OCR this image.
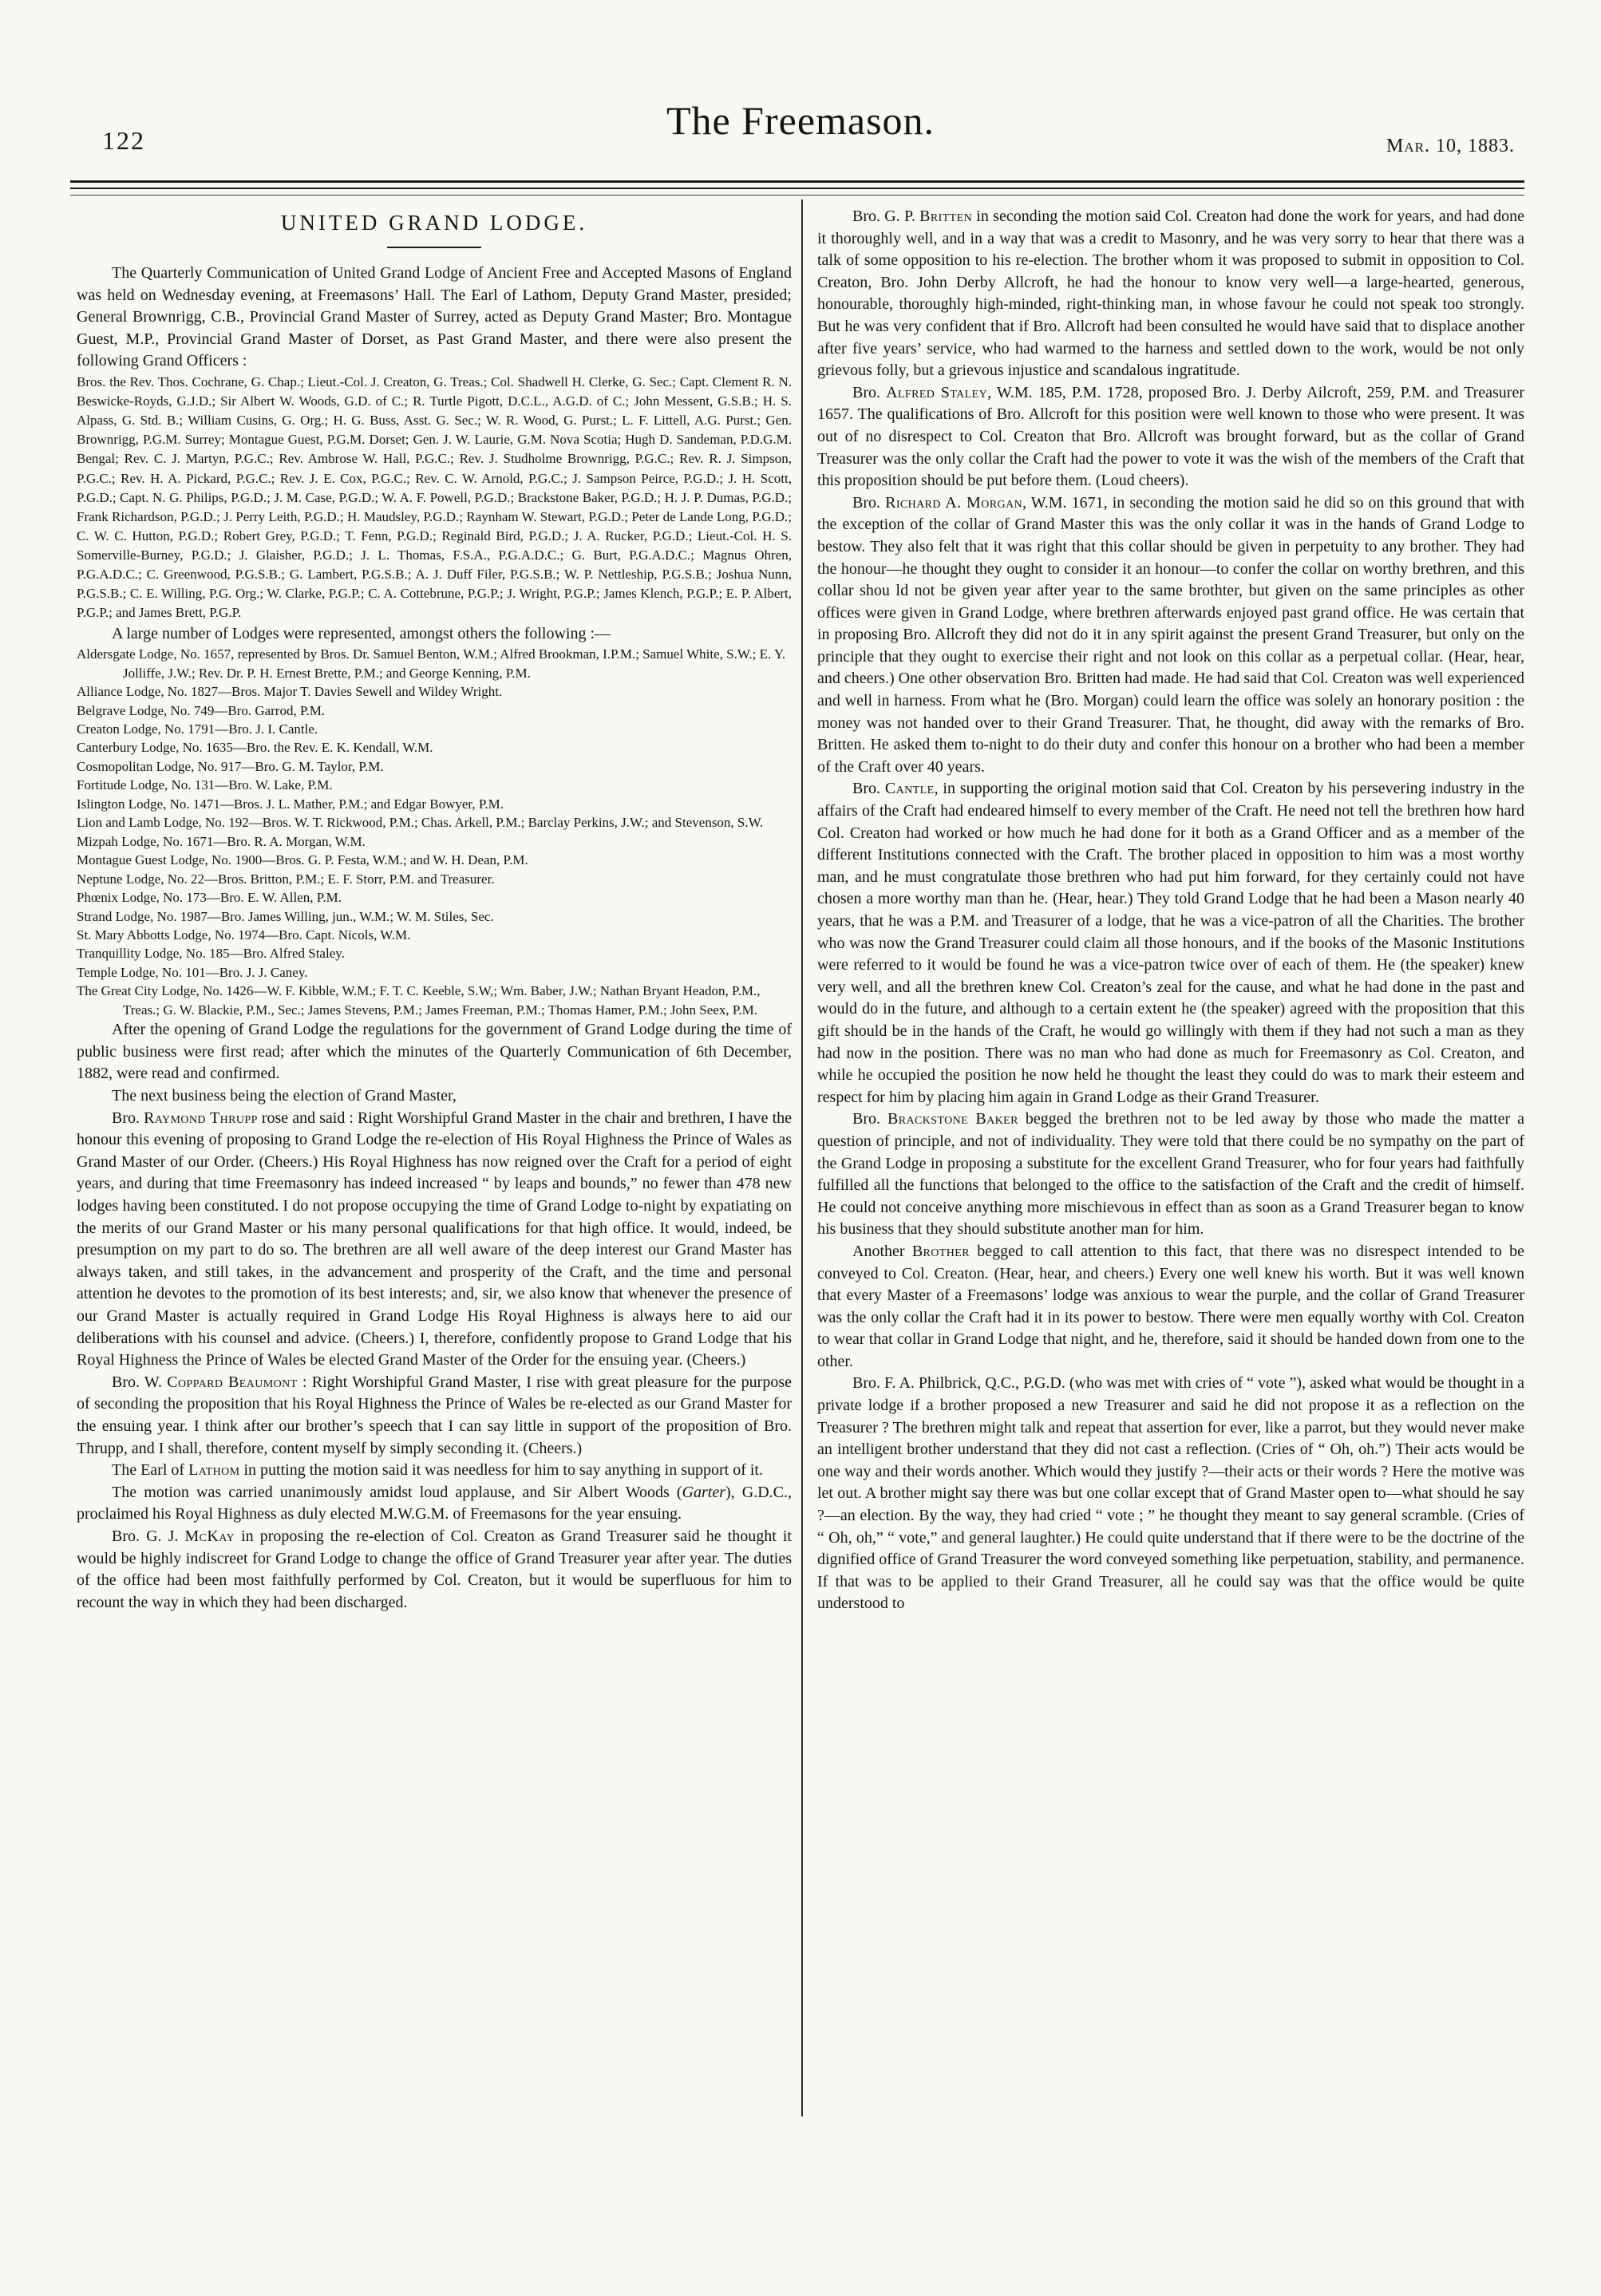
122	The Freemason.
Mar. 10, 1883.
UNITED GRAND LODGE.

The Quarterly Communication of United Grand Lodge of Ancient Free and Accepted Masons of England was held on Wednesday evening, at Freemasons’ Hall. The Earl of Lathom, Deputy Grand Master, presided; General Brownrigg, C.B., Provincial Grand Master of Surrey, acted as Deputy Grand Master; Bro. Montague Guest, M.P., Provincial Grand Master of Dorset, as Past Grand Master, and there were also present the following Grand Officers :

Bros. the Rev. Thos. Cochrane, G. Chap.; Lieut.-Col. J. Creaton, G. Treas.; Col. Shadwell H. Clerke, G. Sec.; Capt. Clement R. N. Beswicke-Royds, G.J.D.; Sir Albert W. Woods, G.D. of C.; R. Turtle Pigott, D.C.L., A.G.D. of C.; John Messent, G.S.B.; H. S. Alpass, G. Std. B.; William Cusins, G. Org.; H. G. Buss, Asst. G. Sec.; W. R. Wood, G. Purst.; L. F. Littell, A.G. Purst.; Gen. Brownrigg, P.G.M. Surrey; Montague Guest, P.G.M. Dorset; Gen. J. W. Laurie, G.M. Nova Scotia; Hugh D. Sandeman, P.D.G.M. Bengal; Rev. C. J. Martyn, P.G.C.; Rev. Ambrose W. Hall, P.G.C.; Rev. J. Studholme Brownrigg, P.G.C.; Rev. R. J. Simpson, P.G.C.; Rev. H. A. Pickard, P.G.C.; Rev. J. E. Cox, P.G.C.; Rev. C. W. Arnold, P.G.C.; J. Sampson Peirce, P.G.D.; J. H. Scott, P.G.D.; Capt. N. G. Philips, P.G.D.; J. M. Case, P.G.D.; W. A. F. Powell, P.G.D.; Brackstone Baker, P.G.D.; H. J. P. Dumas, P.G.D.; Frank Richardson, P.G.D.; J. Perry Leith, P.G.D.; H. Maudsley, P.G.D.; Raynham W. Stewart, P.G.D.; Peter de Lande Long, P.G.D.; C. W. C. Hutton, P.G.D.; Robert Grey, P.G.D.; T. Fenn, P.G.D.; Reginald Bird, P.G.D.; J. A. Rucker, P.G.D.; Lieut.-Col. H. S. Somerville-Burney, P.G.D.; J. Glaisher, P.G.D.; J. L. Thomas, F.S.A., P.G.A.D.C.; G. Burt, P.G.A.D.C.; Magnus Ohren, P.G.A.D.C.; C. Greenwood, P.G.S.B.; G. Lambert, P.G.S.B.; A. J. Duff Filer, P.G.S.B.; W. P. Nettleship, P.G.S.B.; Joshua Nunn, P.G.S.B.; C. E. Willing, P.G. Org.; W. Clarke, P.G.P.; C. A. Cottebrune, P.G.P.; J. Wright, P.G.P.; James Klench, P.G.P.; E. P. Albert, P.G.P.; and James Brett, P.G.P.

A large number of Lodges were represented, amongst others the following :—

Aldersgate Lodge, No. 1657, represented by Bros. Dr. Samuel Benton, W.M.; Alfred Brookman, I.P.M.; Samuel White, S.W.; E. Y. Jolliffe, J.W.; Rev. Dr. P. H. Ernest Brette, P.M.; and George Kenning, P.M.

Alliance Lodge, No. 1827—Bros. Major T. Davies Sewell and Wildey Wright.

Belgrave Lodge, No. 749—Bro. Garrod, P.M.

Creaton Lodge, No. 1791—Bro. J. I. Cantle.

Canterbury Lodge, No. 1635—Bro. the Rev. E. K. Kendall, W.M.

Cosmopolitan Lodge, No. 917—Bro. G. M. Taylor, P.M.

Fortitude Lodge, No. 131—Bro. W. Lake, P.M.

Islington Lodge, No. 1471—Bros. J. L. Mather, P.M.; and Edgar Bowyer, P.M.

Lion and Lamb Lodge, No. 192—Bros. W. T. Rickwood, P.M.; Chas. Arkell, P.M.; Barclay Perkins, J.W.; and Stevenson, S.W.

Mizpah Lodge, No. 1671—Bro. R. A. Morgan, W.M.

Montague Guest Lodge, No. 1900—Bros. G. P. Festa, W.M.; and W. H. Dean, P.M.

Neptune Lodge, No. 22—Bros. Britton, P.M.; E. F. Storr, P.M. and Treasurer.

Phœnix Lodge, No. 173—Bro. E. W. Allen, P.M.

Strand Lodge, No. 1987—Bro. James Willing, jun., W.M.; W. M. Stiles, Sec.

St. Mary Abbotts Lodge, No. 1974—Bro. Capt. Nicols, W.M.

Tranquillity Lodge, No. 185—Bro. Alfred Staley.

Temple Lodge, No. 101—Bro. J. J. Caney.

The Great City Lodge, No. 1426—W. F. Kibble, W.M.; F. T. C. Keeble, S.W,; Wm. Baber, J.W.; Nathan Bryant Headon, P.M., Treas.; G. W. Blackie, P.M., Sec.; James Stevens, P.M.; James Freeman, P.M.; Thomas Hamer, P.M.; John Seex, P.M.

After the opening of Grand Lodge the regulations for the government of Grand Lodge during the time of public business were first read; after which the minutes of the Quarterly Communication of 6th December, 1882, were read and confirmed.

The next business being the election of Grand Master,

Bro. Raymond Thrupp rose and said : Right Worshipful Grand Master in the chair and brethren, I have the honour this evening of proposing to Grand Lodge the re-election of His Royal Highness the Prince of Wales as Grand Master of our Order. (Cheers.) His Royal Highness has now reigned over the Craft for a period of eight years, and during that time Freemasonry has indeed increased “ by leaps and bounds,” no fewer than 478 new lodges having been constituted. I do not propose occupying the time of Grand Lodge to-night by expatiating on the merits of our Grand Master or his many personal qualifications for that high office. It would, indeed, be presumption on my part to do so. The brethren are all well aware of the deep interest our Grand Master has always taken, and still takes, in the advancement and prosperity of the Craft, and the time and personal attention he devotes to the promotion of its best interests; and, sir, we also know that whenever the presence of our Grand Master is actually required in Grand Lodge His Royal Highness is always here to aid our deliberations with his counsel and advice. (Cheers.) I, therefore, confidently propose to Grand Lodge that his Royal Highness the Prince of Wales be elected Grand Master of the Order for the ensuing year. (Cheers.)

Bro. W. Coppard Beaumont : Right Worshipful Grand Master, I rise with great pleasure for the purpose of seconding the proposition that his Royal Highness the Prince of Wales be re-elected as our Grand Master for the ensuing year. I think after our brother’s speech that I can say little in support of the proposition of Bro. Thrupp, and I shall, therefore, content myself by simply seconding it. (Cheers.)

The Earl of Lathom in putting the motion said it was needless for him to say anything in support of it.

The motion was carried unanimously amidst loud applause, and Sir Albert Woods (Garter), G.D.C., proclaimed his Royal Highness as duly elected M.W.G.M. of Freemasons for the year ensuing.

Bro. G. J. McKay in proposing the re-election of Col. Creaton as Grand Treasurer said he thought it would be highly indiscreet for Grand Lodge to change the office of Grand Treasurer year after year. The duties of the office had been most faithfully performed by Col. Creaton, but it would be superfluous for him to recount the way in which they had been discharged.

Bro. G. P. Britten in seconding the motion said Col. Creaton had done the work for years, and had done it thoroughly well, and in a way that was a credit to Masonry, and he was very sorry to hear that there was a talk of some opposition to his re-election. The brother whom it was proposed to submit in opposition to Col. Creaton, Bro. John Derby Allcroft, he had the honour to know very well—a large-hearted, generous, honourable, thoroughly high-minded, right-thinking man, in whose favour he could not speak too strongly. But he was very confident that if Bro. Allcroft had been consulted he would have said that to displace another after five years’ service, who had warmed to the harness and settled down to the work, would be not only grievous folly, but a grievous injustice and scandalous ingratitude.

Bro. Alfred Staley, W.M. 185, P.M. 1728, proposed Bro. J. Derby Ailcroft, 259, P.M. and Treasurer 1657. The qualifications of Bro. Allcroft for this position were well known to those who were present. It was out of no disrespect to Col. Creaton that Bro. Allcroft was brought forward, but as the collar of Grand Treasurer was the only collar the Craft had the power to vote it was the wish of the members of the Craft that this proposition should be put before them. (Loud cheers).

Bro. Richard A. Morgan, W.M. 1671, in seconding the motion said he did so on this ground that with the exception of the collar of Grand Master this was the only collar it was in the hands of Grand Lodge to bestow. They also felt that it was right that this collar should be given in perpetuity to any brother. They had the honour—he thought they ought to consider it an honour—to confer the collar on worthy brethren, and this collar shou ld not be given year after year to the same brothter, but given on the same principles as other offices were given in Grand Lodge, where brethren afterwards enjoyed past grand office. He was certain that in proposing Bro. Allcroft they did not do it in any spirit against the present Grand Treasurer, but only on the principle that they ought to exercise their right and not look on this collar as a perpetual collar. (Hear, hear, and cheers.) One other observation Bro. Britten had made. He had said that Col. Creaton was well experienced and well in harness. From what he (Bro. Morgan) could learn the office was solely an honorary position : the money was not handed over to their Grand Treasurer. That, he thought, did away with the remarks of Bro. Britten. He asked them to-night to do their duty and confer this honour on a brother who had been a member of the Craft over 40 years.

Bro. Cantle, in supporting the original motion said that Col. Creaton by his persevering industry in the affairs of the Craft had endeared himself to every member of the Craft. He need not tell the brethren how hard Col. Creaton had worked or how much he had done for it both as a Grand Officer and as a member of the different Institutions connected with the Craft. The brother placed in opposition to him was a most worthy man, and he must congratulate those brethren who had put him forward, for they certainly could not have chosen a more worthy man than he. (Hear, hear.) They told Grand Lodge that he had been a Mason nearly 40 years, that he was a P.M. and Treasurer of a lodge, that he was a vice-patron of all the Charities. The brother who was now the Grand Treasurer could claim all those honours, and if the books of the Masonic Institutions were referred to it would be found he was a vice-patron twice over of each of them. He (the speaker) knew very well, and all the brethren knew Col. Creaton’s zeal for the cause, and what he had done in the past and would do in the future, and although to a certain extent he (the speaker) agreed with the proposition that this gift should be in the hands of the Craft, he would go willingly with them if they had not such a man as they had now in the position. There was no man who had done as much for Freemasonry as Col. Creaton, and while he occupied the position he now held he thought the least they could do was to mark their esteem and respect for him by placing him again in Grand Lodge as their Grand Treasurer.

Bro. Brackstone Baker begged the brethren not to be led away by those who made the matter a question of principle, and not of individuality. They were told that there could be no sympathy on the part of the Grand Lodge in proposing a substitute for the excellent Grand Treasurer, who for four years had faithfully fulfilled all the functions that belonged to the office to the satisfaction of the Craft and the credit of himself. He could not conceive anything more mischievous in effect than as soon as a Grand Treasurer began to know his business that they should substitute another man for him.

Another Brother begged to call attention to this fact, that there was no disrespect intended to be conveyed to Col. Creaton. (Hear, hear, and cheers.) Every one well knew his worth. But it was well known that every Master of a Freemasons’ lodge was anxious to wear the purple, and the collar of Grand Treasurer was the only collar the Craft had it in its power to bestow. There were men equally worthy with Col. Creaton to wear that collar in Grand Lodge that night, and he, therefore, said it should be handed down from one to the other.

Bro. F. A. Philbrick, Q.C., P.G.D. (who was met with cries of “ vote ”), asked what would be thought in a private lodge if a brother proposed a new Treasurer and said he did not propose it as a reflection on the Treasurer ? The brethren might talk and repeat that assertion for ever, like a parrot, but they would never make an intelligent brother understand that they did not cast a reflection. (Cries of “ Oh, oh.”) Their acts would be one way and their words another. Which would they justify ?—their acts or their words ? Here the motive was let out. A brother might say there was but one collar except that of Grand Master open to—what should he say ?—an election. By the way, they had cried “ vote ; ” he thought they meant to say general scramble. (Cries of “ Oh, oh,” “ vote,” and general laughter.) He could quite understand that if there were to be the doctrine of the dignified office of Grand Treasurer the word conveyed something like perpetuation, stability, and permanence. If that was to be applied to their Grand Treasurer, all he could say was that the office would be quite understood to
